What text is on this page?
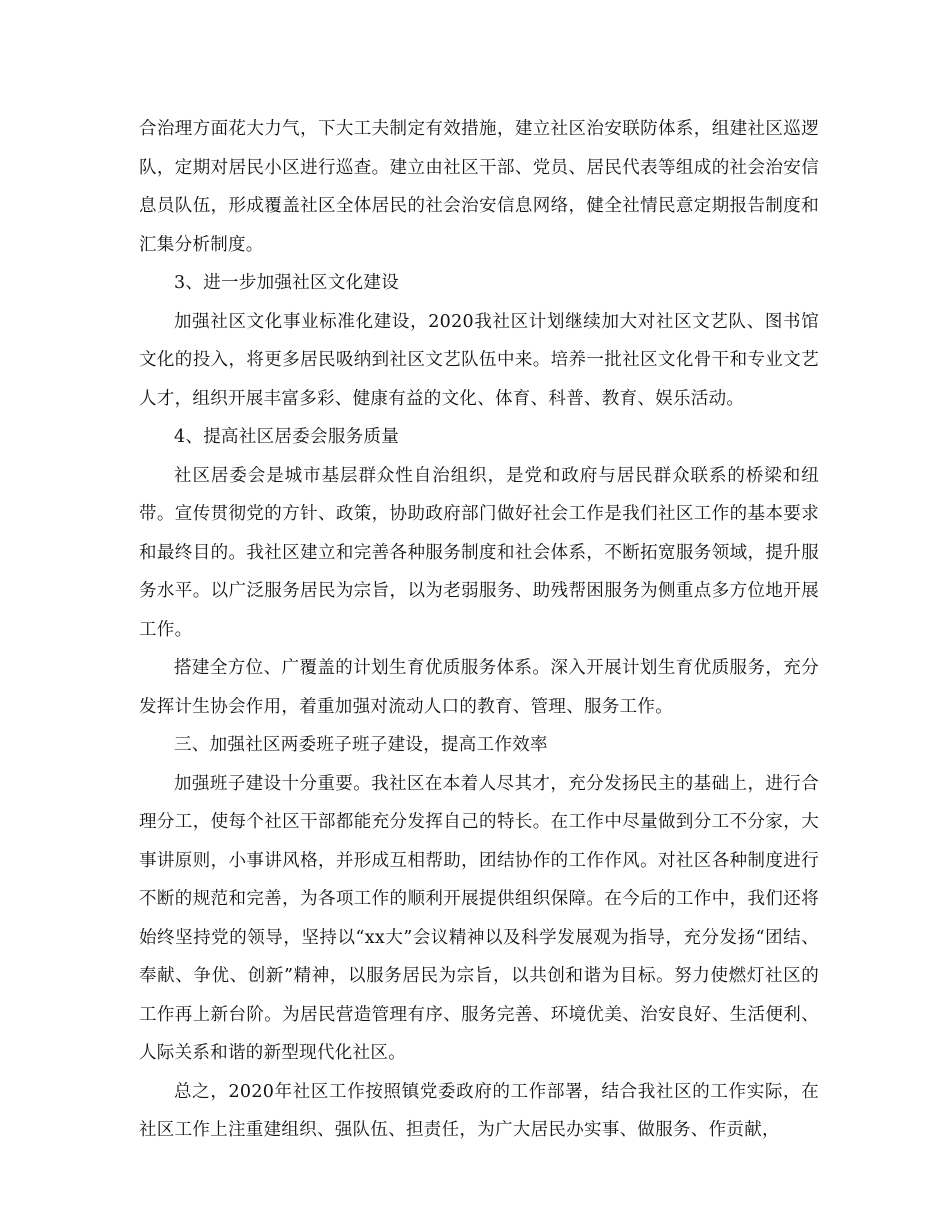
合治理方面花大力气，下大工夫制定有效措施，建立社区治安联防体系，组建社区巡逻队，定期对居民小区进行巡查。建立由社区干部、党员、居民代表等组成的社会治安信息员队伍，形成覆盖社区全体居民的社会治安信息网络，健全社情民意定期报告制度和汇集分析制度。

3、进一步加强社区文化建设

加强社区文化事业标准化建设，2020我社区计划继续加大对社区文艺队、图书馆文化的投入，将更多居民吸纳到社区文艺队伍中来。培养一批社区文化骨干和专业文艺人才，组织开展丰富多彩、健康有益的文化、体育、科普、教育、娱乐活动。

4、提高社区居委会服务质量

社区居委会是城市基层群众性自治组织，是党和政府与居民群众联系的桥梁和纽带。宣传贯彻党的方针、政策，协助政府部门做好社会工作是我们社区工作的基本要求和最终目的。我社区建立和完善各种服务制度和社会体系，不断拓宽服务领域，提升服务水平。以广泛服务居民为宗旨，以为老弱服务、助残帮困服务为侧重点多方位地开展工作。

搭建全方位、广覆盖的计划生育优质服务体系。深入开展计划生育优质服务，充分发挥计生协会作用，着重加强对流动人口的教育、管理、服务工作。

三、加强社区两委班子班子建设，提高工作效率

加强班子建设十分重要。我社区在本着人尽其才，充分发扬民主的基础上，进行合理分工，使每个社区干部都能充分发挥自己的特长。在工作中尽量做到分工不分家，大事讲原则，小事讲风格，并形成互相帮助，团结协作的工作作风。对社区各种制度进行不断的规范和完善，为各项工作的顺利开展提供组织保障。在今后的工作中，我们还将始终坚持党的领导，坚持以“xx大”会议精神以及科学发展观为指导，充分发扬“团结、奉献、争优、创新”精神，以服务居民为宗旨，以共创和谐为目标。努力使燃灯社区的工作再上新台阶。为居民营造管理有序、服务完善、环境优美、治安良好、生活便利、人际关系和谐的新型现代化社区。

总之，2020年社区工作按照镇党委政府的工作部署，结合我社区的工作实际，在社区工作上注重建组织、强队伍、担责任，为广大居民办实事、做服务、作贡献，
